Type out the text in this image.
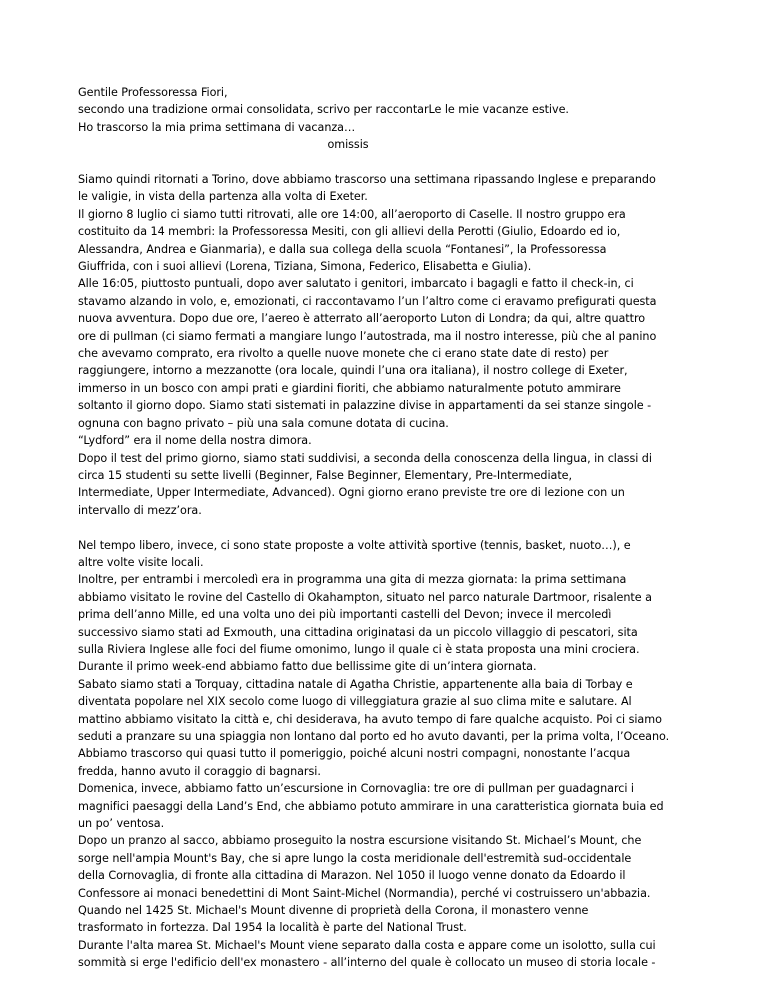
Gentile Professoressa Fiori,
secondo una tradizione ormai consolidata, scrivo per raccontarLe le mie vacanze estive.
Ho trascorso la mia prima settimana di vacanza…
omissis
Siamo quindi ritornati a Torino, dove abbiamo trascorso una settimana ripassando Inglese e preparando
le valigie, in vista della partenza alla volta di Exeter.
Il giorno 8 luglio ci siamo tutti ritrovati, alle ore 14:00, all’aeroporto di Caselle. Il nostro gruppo era
costituito da 14 membri: la Professoressa Mesiti, con gli allievi della Perotti (Giulio, Edoardo ed io,
Alessandra, Andrea e Gianmaria), e dalla sua collega della scuola “Fontanesi”, la Professoressa
Giuffrida, con i suoi allievi (Lorena, Tiziana, Simona, Federico, Elisabetta e Giulia).
Alle 16:05, piuttosto puntuali, dopo aver salutato i genitori, imbarcato i bagagli e fatto il check-in, ci
stavamo alzando in volo, e, emozionati, ci raccontavamo l’un l’altro come ci eravamo prefigurati questa
nuova avventura. Dopo due ore, l’aereo è atterrato all’aeroporto Luton di Londra; da qui, altre quattro
ore di pullman (ci siamo fermati a mangiare lungo l’autostrada, ma il nostro interesse, più che al panino
che avevamo comprato, era rivolto a quelle nuove monete che ci erano state date di resto) per
raggiungere, intorno a mezzanotte (ora locale, quindi l’una ora italiana), il nostro college di Exeter,
immerso in un bosco con ampi prati e giardini fioriti, che abbiamo naturalmente potuto ammirare
soltanto il giorno dopo. Siamo stati sistemati in palazzine divise in appartamenti da sei stanze singole -
ognuna con bagno privato – più una sala comune dotata di cucina.
“Lydford” era il nome della nostra dimora.
Dopo il test del primo giorno, siamo stati suddivisi, a seconda della conoscenza della lingua, in classi di
circa 15 studenti su sette livelli (Beginner, False Beginner, Elementary, Pre-Intermediate,
Intermediate, Upper Intermediate, Advanced). Ogni giorno erano previste tre ore di lezione con un
intervallo di mezz’ora.
Nel tempo libero, invece, ci sono state proposte a volte attività sportive (tennis, basket, nuoto…), e
altre volte visite locali.
Inoltre, per entrambi i mercoledì era in programma una gita di mezza giornata: la prima settimana
abbiamo visitato le rovine del Castello di Okahampton, situato nel parco naturale Dartmoor, risalente a
prima dell’anno Mille, ed una volta uno dei più importanti castelli del Devon; invece il mercoledì
successivo siamo stati ad Exmouth, una cittadina originatasi da un piccolo villaggio di pescatori, sita
sulla Riviera Inglese alle foci del fiume omonimo, lungo il quale ci è stata proposta una mini crociera.
Durante il primo week-end abbiamo fatto due bellissime gite di un’intera giornata.
Sabato siamo stati a Torquay, cittadina natale di Agatha Christie, appartenente alla baia di Torbay e
diventata popolare nel XIX secolo come luogo di villeggiatura grazie al suo clima mite e salutare. Al
mattino abbiamo visitato la città e, chi desiderava, ha avuto tempo di fare qualche acquisto. Poi ci siamo
seduti a pranzare su una spiaggia non lontano dal porto ed ho avuto davanti, per la prima volta, l’Oceano.
Abbiamo trascorso qui quasi tutto il pomeriggio, poiché alcuni nostri compagni, nonostante l’acqua
fredda, hanno avuto il coraggio di bagnarsi.
Domenica, invece, abbiamo fatto un’escursione in Cornovaglia: tre ore di pullman per guadagnarci i
magnifici paesaggi della Land’s End, che abbiamo potuto ammirare in una caratteristica giornata buia ed
un po’ ventosa.
Dopo un pranzo al sacco, abbiamo proseguito la nostra escursione visitando St. Michael’s Mount, che
sorge nell'ampia Mount's Bay, che si apre lungo la costa meridionale dell'estremità sud-occidentale
della Cornovaglia, di fronte alla cittadina di Marazon. Nel 1050 il luogo venne donato da Edoardo il
Confessore ai monaci benedettini di Mont Saint-Michel (Normandia), perché vi costruissero un'abbazia.
Quando nel 1425 St. Michael's Mount divenne di proprietà della Corona, il monastero venne
trasformato in fortezza. Dal 1954 la località è parte del National Trust.
Durante l'alta marea St. Michael's Mount viene separato dalla costa e appare come un isolotto, sulla cui
sommità si erge l'edificio dell'ex monastero - all’interno del quale è collocato un museo di storia locale -
